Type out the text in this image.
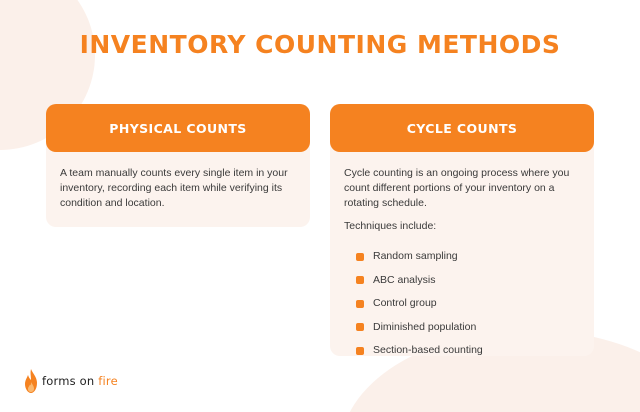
INVENTORY COUNTING METHODS
PHYSICAL COUNTS
A team manually counts every single item in your inventory, recording each item while verifying its condition and location.
CYCLE COUNTS
Cycle counting is an ongoing process where you count different portions of your inventory on a rotating schedule.
Techniques include:
Random sampling
ABC analysis
Control group
Diminished population
Section-based counting
forms on fire
